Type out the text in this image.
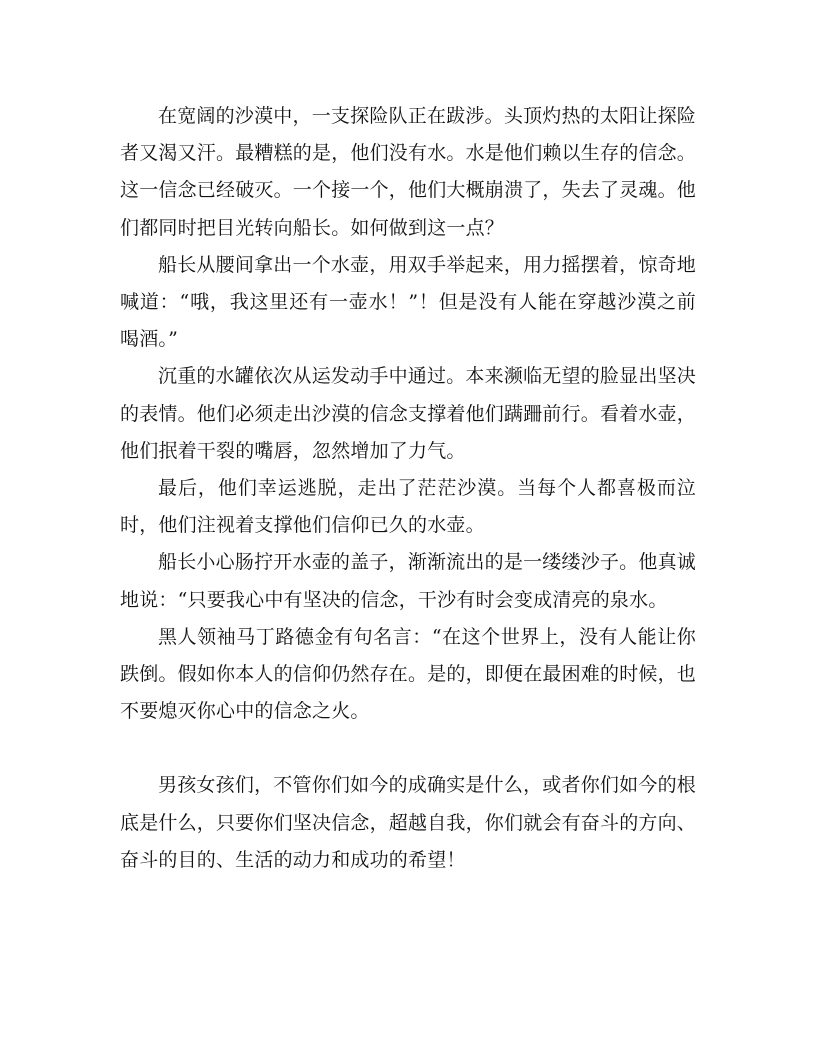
在宽阔的沙漠中，一支探险队正在跋涉。头顶灼热的太阳让探险者又渴又汗。最糟糕的是，他们没有水。水是他们赖以生存的信念。这一信念已经破灭。一个接一个，他们大概崩溃了，失去了灵魂。他们都同时把目光转向船长。如何做到这一点？

船长从腰间拿出一个水壶，用双手举起来，用力摇摆着，惊奇地喊道：“哦，我这里还有一壶水！”！但是没有人能在穿越沙漠之前喝酒。”

沉重的水罐依次从运发动手中通过。本来濒临无望的脸显出坚决的表情。他们必须走出沙漠的信念支撑着他们蹒跚前行。看着水壶，他们抿着干裂的嘴唇，忽然增加了力气。

最后，他们幸运逃脱，走出了茫茫沙漠。当每个人都喜极而泣时，他们注视着支撑他们信仰已久的水壶。

船长小心肠拧开水壶的盖子，渐渐流出的是一缕缕沙子。他真诚地说：“只要我心中有坚决的信念，干沙有时会变成清亮的泉水。

黑人领袖马丁路德金有句名言：“在这个世界上，没有人能让你跌倒。假如你本人的信仰仍然存在。是的，即便在最困难的时候，也不要熄灭你心中的信念之火。

男孩女孩们，不管你们如今的成确实是什么，或者你们如今的根底是什么，只要你们坚决信念，超越自我，你们就会有奋斗的方向、奋斗的目的、生活的动力和成功的希望！
